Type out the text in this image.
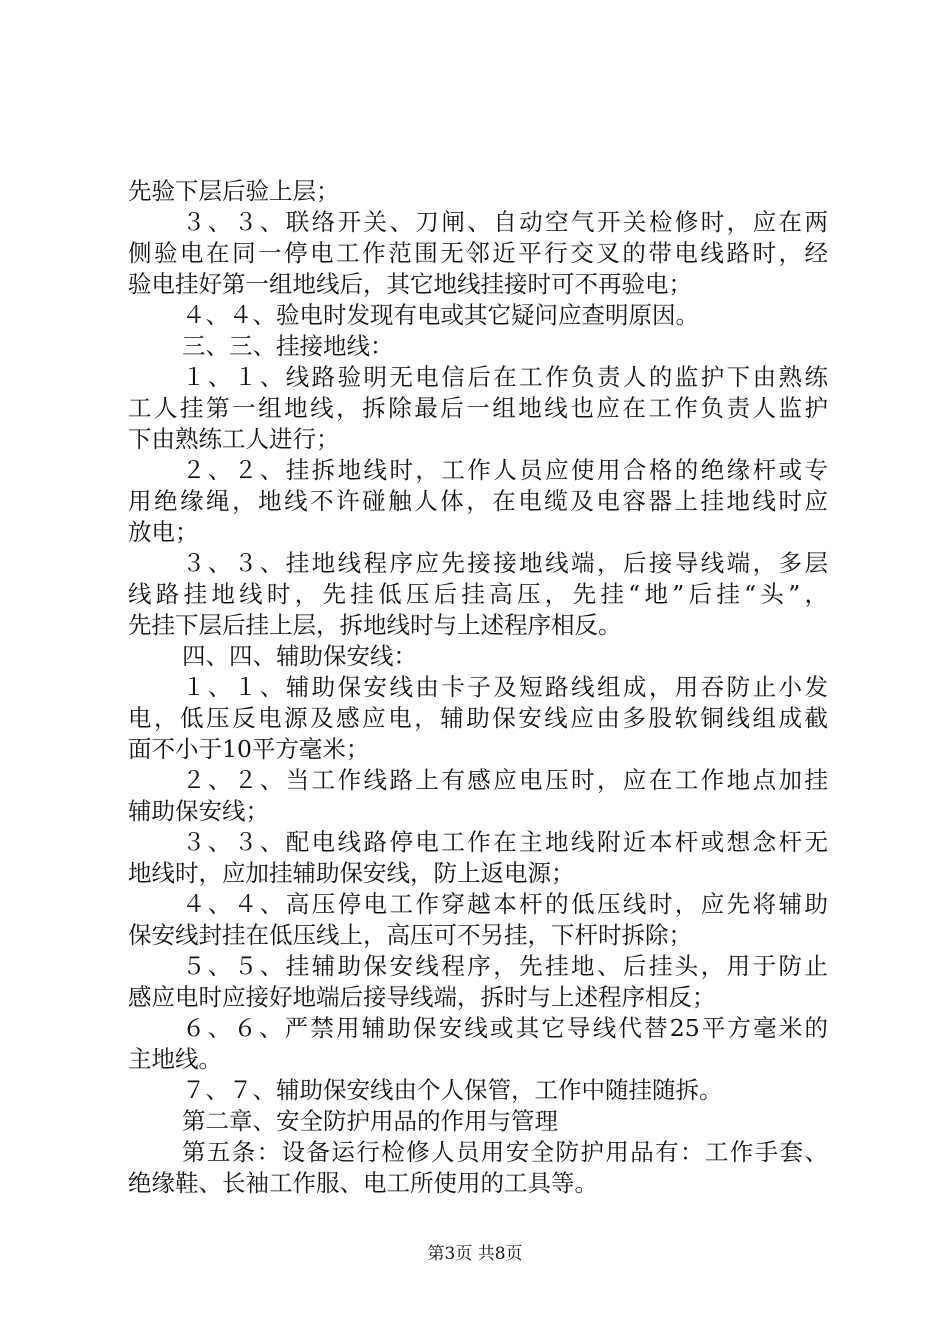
先验下层后验上层；
３、３、联络开关、刀闸、自动空气开关检修时，应在两
侧验电在同一停电工作范围无邻近平行交叉的带电线路时，经
验电挂好第一组地线后，其它地线挂接时可不再验电；
４、４、验电时发现有电或其它疑问应查明原因。
三、三、挂接地线：
１、１、线路验明无电信后在工作负责人的监护下由熟练
工人挂第一组地线，拆除最后一组地线也应在工作负责人监护
下由熟练工人进行；
２、２、挂拆地线时，工作人员应使用合格的绝缘杆或专
用绝缘绳，地线不许碰触人体，在电缆及电容器上挂地线时应
放电；
３、３、挂地线程序应先接接地线端，后接导线端，多层
线路挂地线时，先挂低压后挂高压，先挂“地”后挂“头”，
先挂下层后挂上层，拆地线时与上述程序相反。
四、四、辅助保安线：
１、１、辅助保安线由卡子及短路线组成，用吞防止小发
电，低压反电源及感应电，辅助保安线应由多股软铜线组成截
面不小于10平方毫米；
２、２、当工作线路上有感应电压时，应在工作地点加挂
辅助保安线；
３、３、配电线路停电工作在主地线附近本杆或想念杆无
地线时，应加挂辅助保安线，防上返电源；
４、４、高压停电工作穿越本杆的低压线时，应先将辅助
保安线封挂在低压线上，高压可不另挂，下杆时拆除；
５、５、挂辅助保安线程序，先挂地、后挂头，用于防止
感应电时应接好地端后接导线端，拆时与上述程序相反；
６、６、严禁用辅助保安线或其它导线代替25平方毫米的
主地线。
７、７、辅助保安线由个人保管，工作中随挂随拆。
第二章、安全防护用品的作用与管理
第五条：设备运行检修人员用安全防护用品有：工作手套、
绝缘鞋、长袖工作服、电工所使用的工具等。
第3页 共8页
